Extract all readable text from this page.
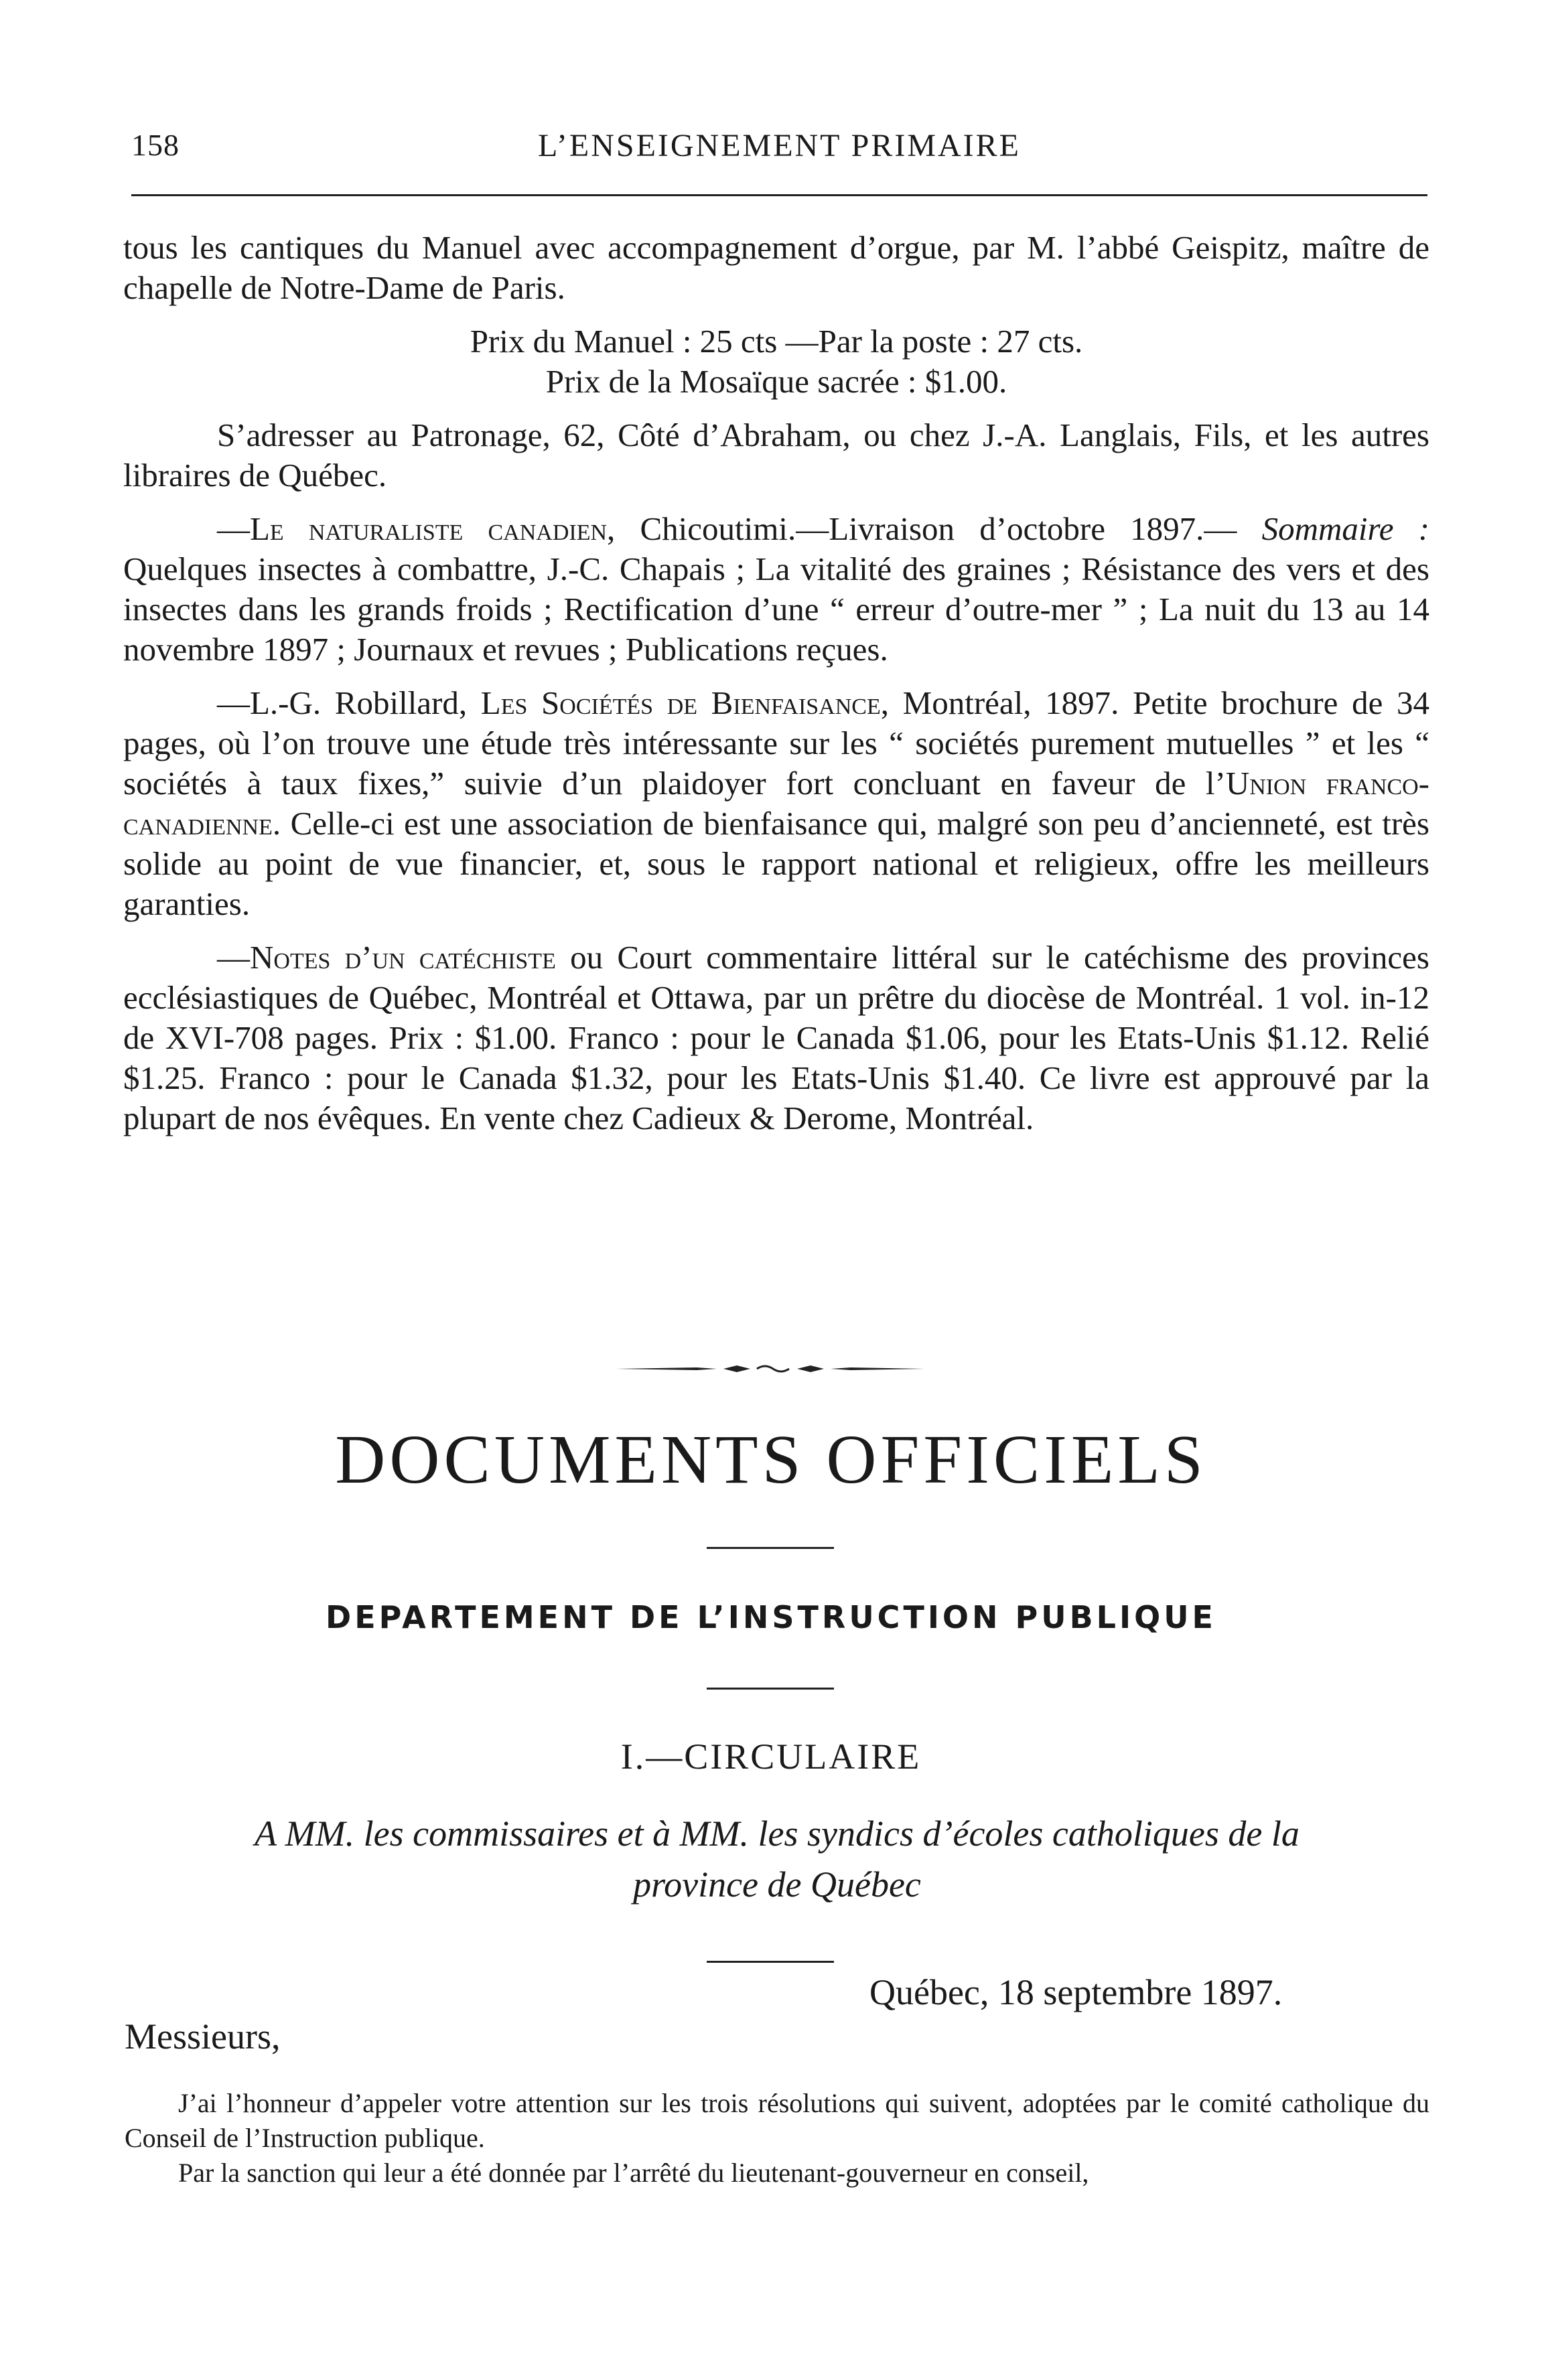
158	L’ENSEIGNEMENT PRIMAIRE

tous les cantiques du Manuel avec accompagnement d’orgue, par M. l’abbé Geispitz, maître de chapelle de Notre-Dame de Paris.

Prix du Manuel : 25 cts —Par la poste : 27 cts.

Prix de la Mosaïque sacrée : $1.00.

S’adresser au Patronage, 62, Côté d’Abraham, ou chez J.-A. Langlais, Fils, et les autres libraires de Québec.

—Le naturaliste canadien, Chicoutimi.—Livraison d’octobre 1897.— Sommaire : Quelques insectes à combattre, J.-C. Chapais ; La vitalité des graines ; Résistance des vers et des insectes dans les grands froids ; Rectification d’une “ erreur d’outre-mer ” ; La nuit du 13 au 14 novembre 1897 ; Journaux et revues ; Publications reçues.

—L.-G. Robillard, Les Sociétés de Bienfaisance, Montréal, 1897. Petite brochure de 34 pages, où l’on trouve une étude très intéressante sur les “ sociétés purement mutuelles ” et les “ sociétés à taux fixes,” suivie d’un plaidoyer fort concluant en faveur de l’Union franco-canadienne. Celle-ci est une association de bienfaisance qui, malgré son peu d’ancienneté, est très solide au point de vue financier, et, sous le rapport national et religieux, offre les meilleurs garanties.

—Notes d’un catéchiste ou Court commentaire littéral sur le catéchisme des provinces ecclésiastiques de Québec, Montréal et Ottawa, par un prêtre du diocèse de Montréal. 1 vol. in-12 de XVI-708 pages. Prix : $1.00. Franco : pour le Canada $1.06, pour les Etats-Unis $1.12. Relié $1.25. Franco : pour le Canada $1.32, pour les Etats-Unis $1.40. Ce livre est approuvé par la plupart de nos évêques. En vente chez Cadieux & Derome, Montréal.

DOCUMENTS OFFICIELS
DEPARTEMENT DE L’INSTRUCTION PUBLIQUE
I.—CIRCULAIRE
A MM. les commissaires et à MM. les syndics d’écoles catholiques de la
province de Québec
Québec, 18 septembre 1897.
Messieurs,

J’ai l’honneur d’appeler votre attention sur les trois résolutions qui suivent, adoptées par le comité catholique du Conseil de l’Instruction publique.

Par la sanction qui leur a été donnée par l’arrêté du lieutenant-gouverneur en conseil,
